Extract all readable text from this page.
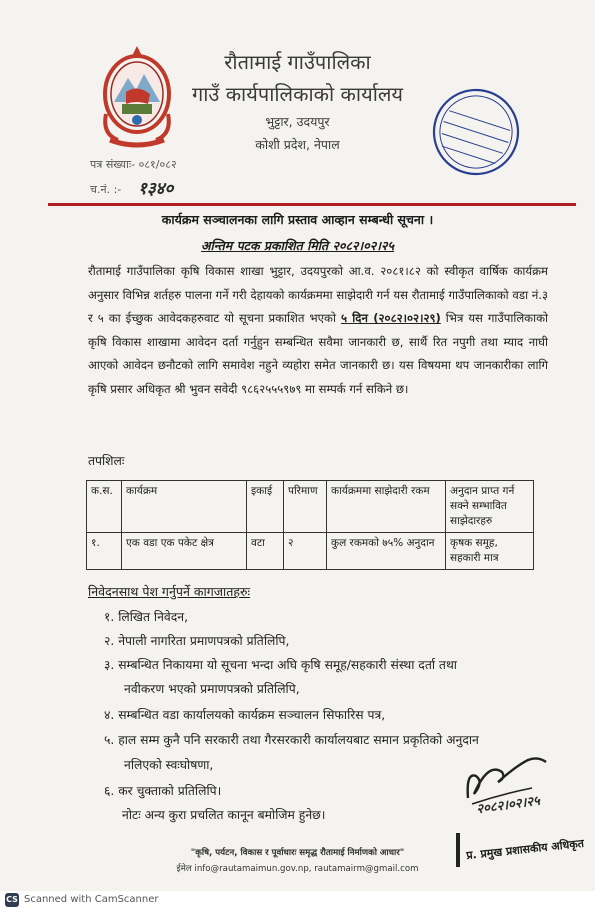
रौतामाई गाउँपालिका
गाउँ कार्यपालिकाको कार्यालय
भुट्टार, उदयपुर
कोशी प्रदेश, नेपाल
पत्र संख्याः- ०८१/०८२
च.नं. :- १३४०
कार्यक्रम सञ्चालनका लागि प्रस्ताव आव्हान सम्बन्धी सूचना ।
अन्तिम पटक प्रकाशित मिति २०८२।०२।२५
रौतामाई गाउँपालिका कृषि विकास शाखा भुट्टार, उदयपुरको आ.व. २०८१।८२ को स्वीकृत वार्षिक कार्यक्रम अनुसार विभिन्न शर्तहरु पालना गर्ने गरी देहायको कार्यक्रममा साझेदारी गर्न यस रौतामाई गाउँपालिकाको वडा नं.३ र ५ का ईच्छुक आवेदकहरुवाट यो सूचना प्रकाशित भएको ५ दिन (२०८२।०२।२९) भित्र यस गाउँपालिकाको कृषि विकास शाखामा आवेदन दर्ता गर्नुहुन सम्बन्धित सवैमा जानकारी छ, सार्थै रित नपुगी तथा म्याद नाघी आएको आवेदन छनौटको लागि समावेश नहुने व्यहोरा समेत जानकारी छ। यस विषयमा थप जानकारीका लागि कृषि प्रसार अधिकृत श्री भुवन सवेदी ९८६२५५५९७९ मा सम्पर्क गर्न सकिने छ।
तपशिलः
क.स.	कार्यक्रम	इकाई	परिमाण	कार्यक्रममा साझेदारी रकम	अनुदान प्राप्त गर्न सक्ने सम्भावित साझेदारहरु
१.	एक वडा एक पकेट क्षेत्र	वटा	२	कुल रकमको ७५% अनुदान	कृषक समूह, सहकारी मात्र
निवेदनसाथ पेश गर्नुपर्ने कागजातहरुः
१. लिखित निवेदन,
२. नेपाली नागरिता प्रमाणपत्रको प्रतिलिपि,
३. सम्बन्धित निकायमा यो सूचना भन्दा अघि कृषि समूह/सहकारी संस्था दर्ता तथा
नवीकरण भएको प्रमाणपत्रको प्रतिलिपि,
४. सम्बन्धित वडा कार्यालयको कार्यक्रम सञ्चालन सिफारिस पत्र,
५. हाल सम्म कुनै पनि सरकारी तथा गैरसरकारी कार्यालयबाट समान प्रकृतिको अनुदान
नलिएको स्वःघोषणा,
६. कर चुक्ताको प्रतिलिपि।
नोटः अन्य कुरा प्रचलित कानून बमोजिम हुनेछ।	२०८२।०२।२५
प्र. प्रमुख प्रशासकीय अधिकृत
"कृषि, पर्यटन, विकास र पूर्वाधारः समृद्ध रौतामाई निर्माणको आधार"
ईमेल info@rautamaimun.gov.np, rautamairm@gmail.com
CS Scanned with CamScanner
